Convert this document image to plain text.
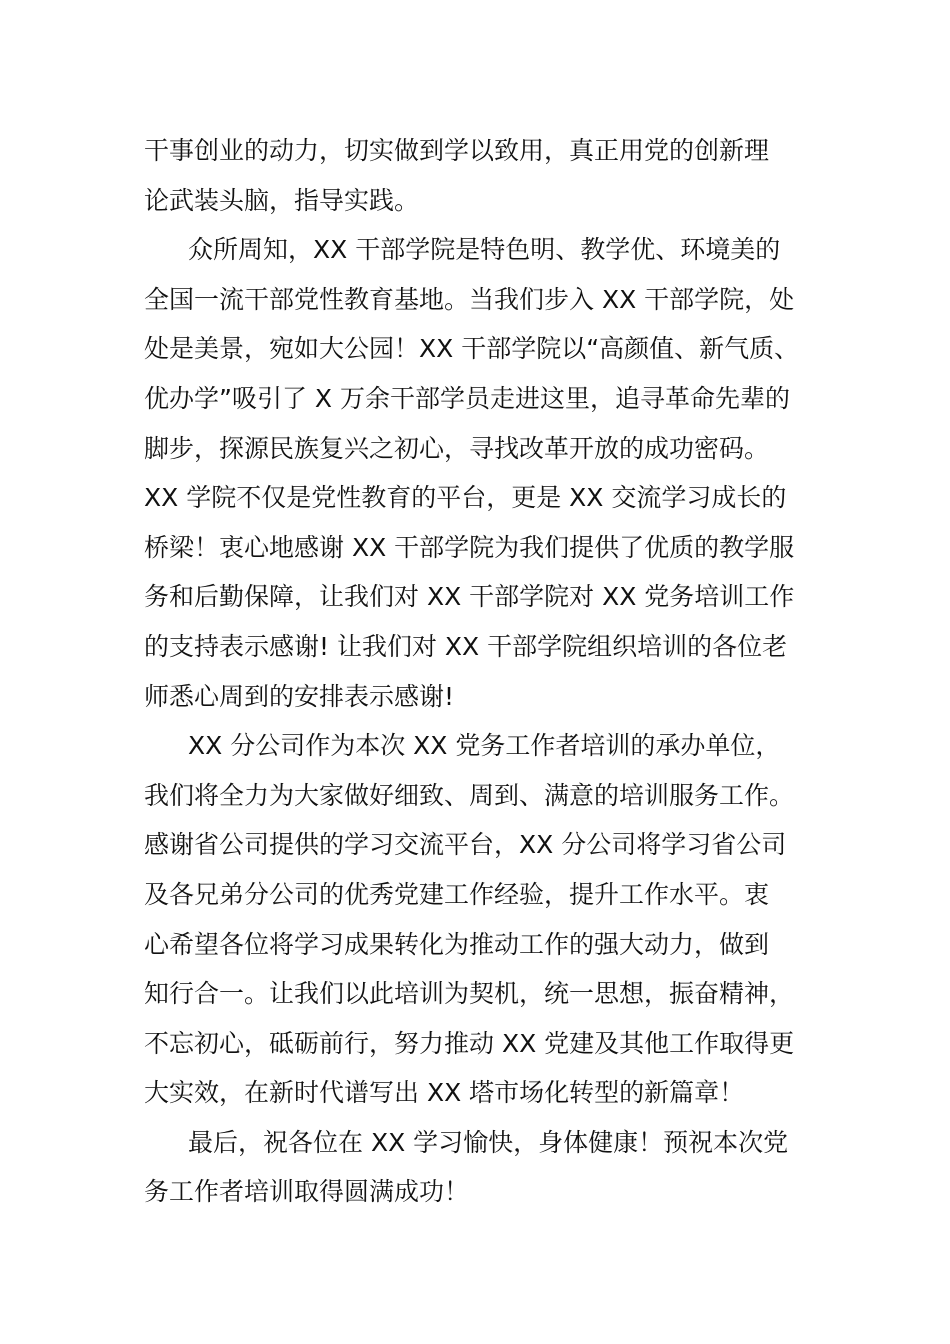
干事创业的动力，切实做到学以致用，真正用党的创新理
论武装头脑，指导实践。
众所周知，XX 干部学院是特色明、教学优、环境美的
全国一流干部党性教育基地。当我们步入 XX 干部学院，处
处是美景，宛如大公园！XX 干部学院以“高颜值、新气质、
优办学”吸引了 X 万余干部学员走进这里，追寻革命先辈的
脚步，探源民族复兴之初心，寻找改革开放的成功密码。
XX 学院不仅是党性教育的平台，更是 XX 交流学习成长的
桥梁！衷心地感谢 XX 干部学院为我们提供了优质的教学服
务和后勤保障，让我们对 XX 干部学院对 XX 党务培训工作
的支持表示感谢! 让我们对 XX 干部学院组织培训的各位老
师悉心周到的安排表示感谢!
XX 分公司作为本次 XX 党务工作者培训的承办单位，
我们将全力为大家做好细致、周到、满意的培训服务工作。
感谢省公司提供的学习交流平台，XX 分公司将学习省公司
及各兄弟分公司的优秀党建工作经验，提升工作水平。衷
心希望各位将学习成果转化为推动工作的强大动力，做到
知行合一。让我们以此培训为契机，统一思想，振奋精神，
不忘初心，砥砺前行，努力推动 XX 党建及其他工作取得更
大实效，在新时代谱写出 XX 塔市场化转型的新篇章！
最后，祝各位在 XX 学习愉快，身体健康！预祝本次党
务工作者培训取得圆满成功！
